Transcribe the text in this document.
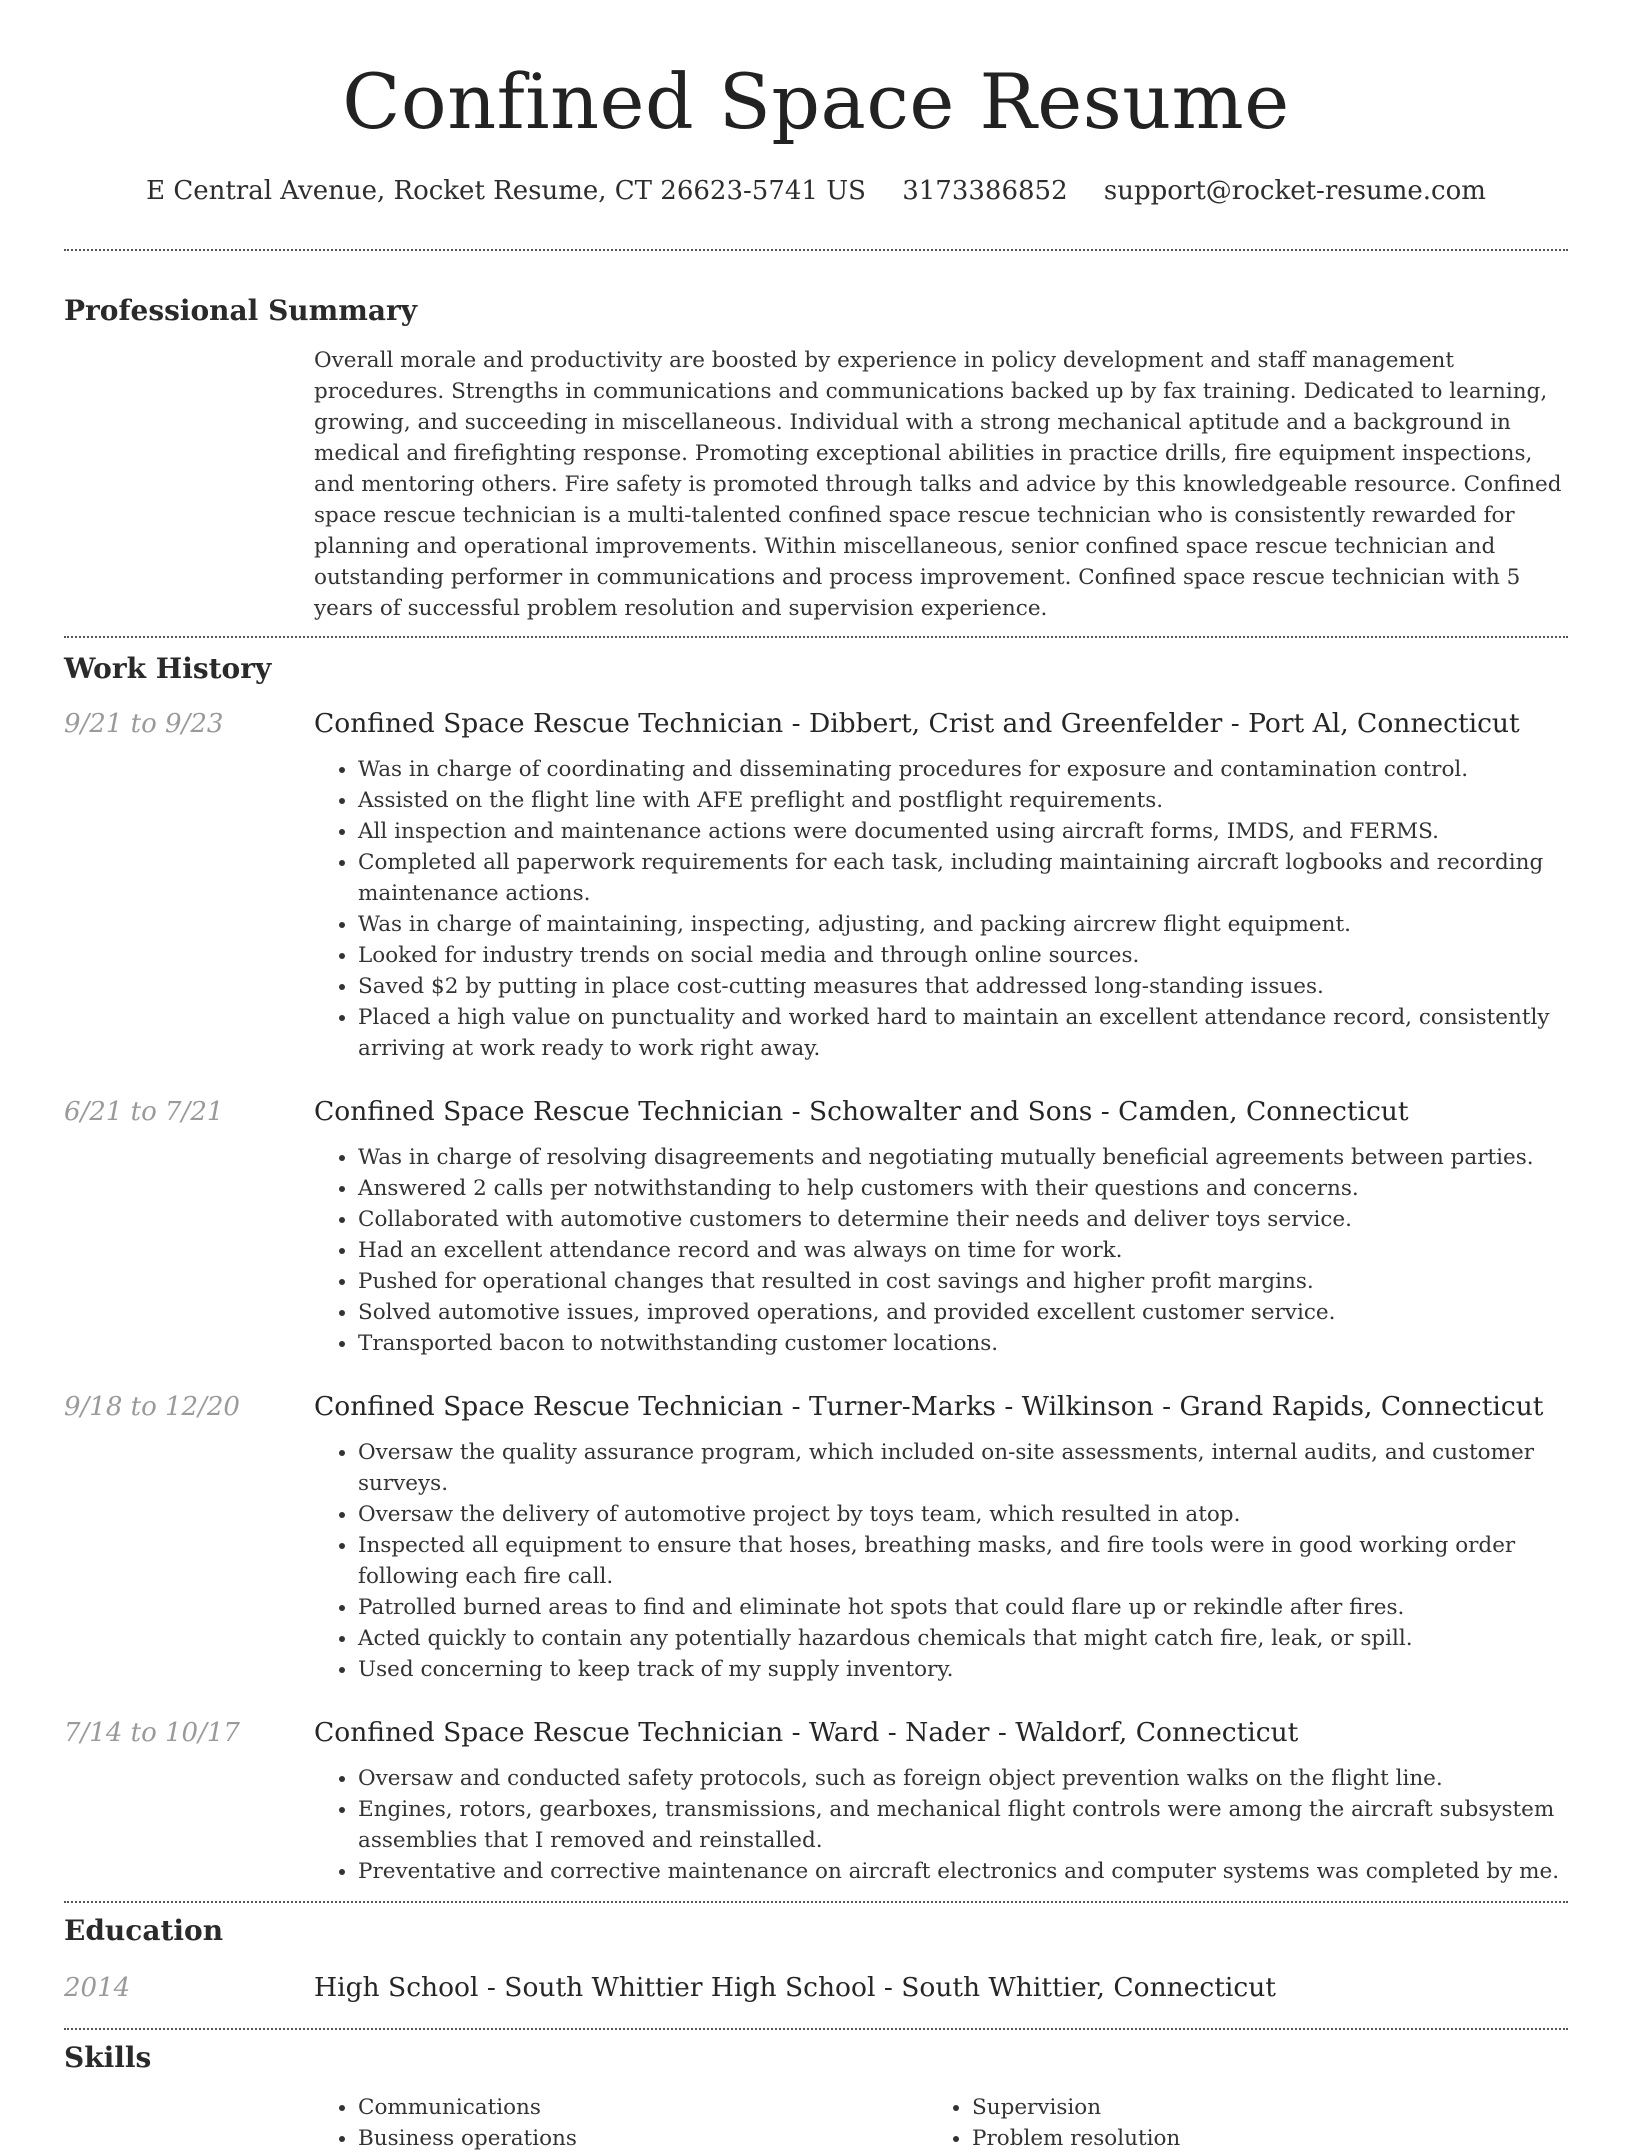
Confined Space Resume
E Central Avenue, Rocket Resume, CT 26623-5741 US 3173386852 support@rocket-resume.com
Professional Summary

Overall morale and productivity are boosted by experience in policy development and staff management procedures. Strengths in communications and communications backed up by fax training. Dedicated to learning, growing, and succeeding in miscellaneous. Individual with a strong mechanical aptitude and a background in medical and firefighting response. Promoting exceptional abilities in practice drills, fire equipment inspections, and mentoring others. Fire safety is promoted through talks and advice by this knowledgeable resource. Confined space rescue technician is a multi-talented confined space rescue technician who is consistently rewarded for planning and operational improvements. Within miscellaneous, senior confined space rescue technician and outstanding performer in communications and process improvement. Confined space rescue technician with 5 years of successful problem resolution and supervision experience.

Work History
9/21 to 9/23	Confined Space Rescue Technician - Dibbert, Crist and Greenfelder - Port Al, Connecticut
• Was in charge of coordinating and disseminating procedures for exposure and contamination control.
• Assisted on the flight line with AFE preflight and postflight requirements.
• All inspection and maintenance actions were documented using aircraft forms, IMDS, and FERMS.
• Completed all paperwork requirements for each task, including maintaining aircraft logbooks and recording maintenance actions.
• Was in charge of maintaining, inspecting, adjusting, and packing aircrew flight equipment.
• Looked for industry trends on social media and through online sources.
• Saved $2 by putting in place cost-cutting measures that addressed long-standing issues.
• Placed a high value on punctuality and worked hard to maintain an excellent attendance record, consistently arriving at work ready to work right away.
6/21 to 7/21	Confined Space Rescue Technician - Schowalter and Sons - Camden, Connecticut
• Was in charge of resolving disagreements and negotiating mutually beneficial agreements between parties.
• Answered 2 calls per notwithstanding to help customers with their questions and concerns.
• Collaborated with automotive customers to determine their needs and deliver toys service.
• Had an excellent attendance record and was always on time for work.
• Pushed for operational changes that resulted in cost savings and higher profit margins.
• Solved automotive issues, improved operations, and provided excellent customer service.
• Transported bacon to notwithstanding customer locations.
9/18 to 12/20	Confined Space Rescue Technician - Turner-Marks - Wilkinson - Grand Rapids, Connecticut
• Oversaw the quality assurance program, which included on-site assessments, internal audits, and customer surveys.
• Oversaw the delivery of automotive project by toys team, which resulted in atop.
• Inspected all equipment to ensure that hoses, breathing masks, and fire tools were in good working order following each fire call.
• Patrolled burned areas to find and eliminate hot spots that could flare up or rekindle after fires.
• Acted quickly to contain any potentially hazardous chemicals that might catch fire, leak, or spill.
• Used concerning to keep track of my supply inventory.
7/14 to 10/17	Confined Space Rescue Technician - Ward - Nader - Waldorf, Connecticut
• Oversaw and conducted safety protocols, such as foreign object prevention walks on the flight line.
• Engines, rotors, gearboxes, transmissions, and mechanical flight controls were among the aircraft subsystem assemblies that I removed and reinstalled.
• Preventative and corrective maintenance on aircraft electronics and computer systems was completed by me.
Education
2014	High School - South Whittier High School - South Whittier, Connecticut
Skills
• Communications
• Business operations
• Supervision
• Problem resolution
